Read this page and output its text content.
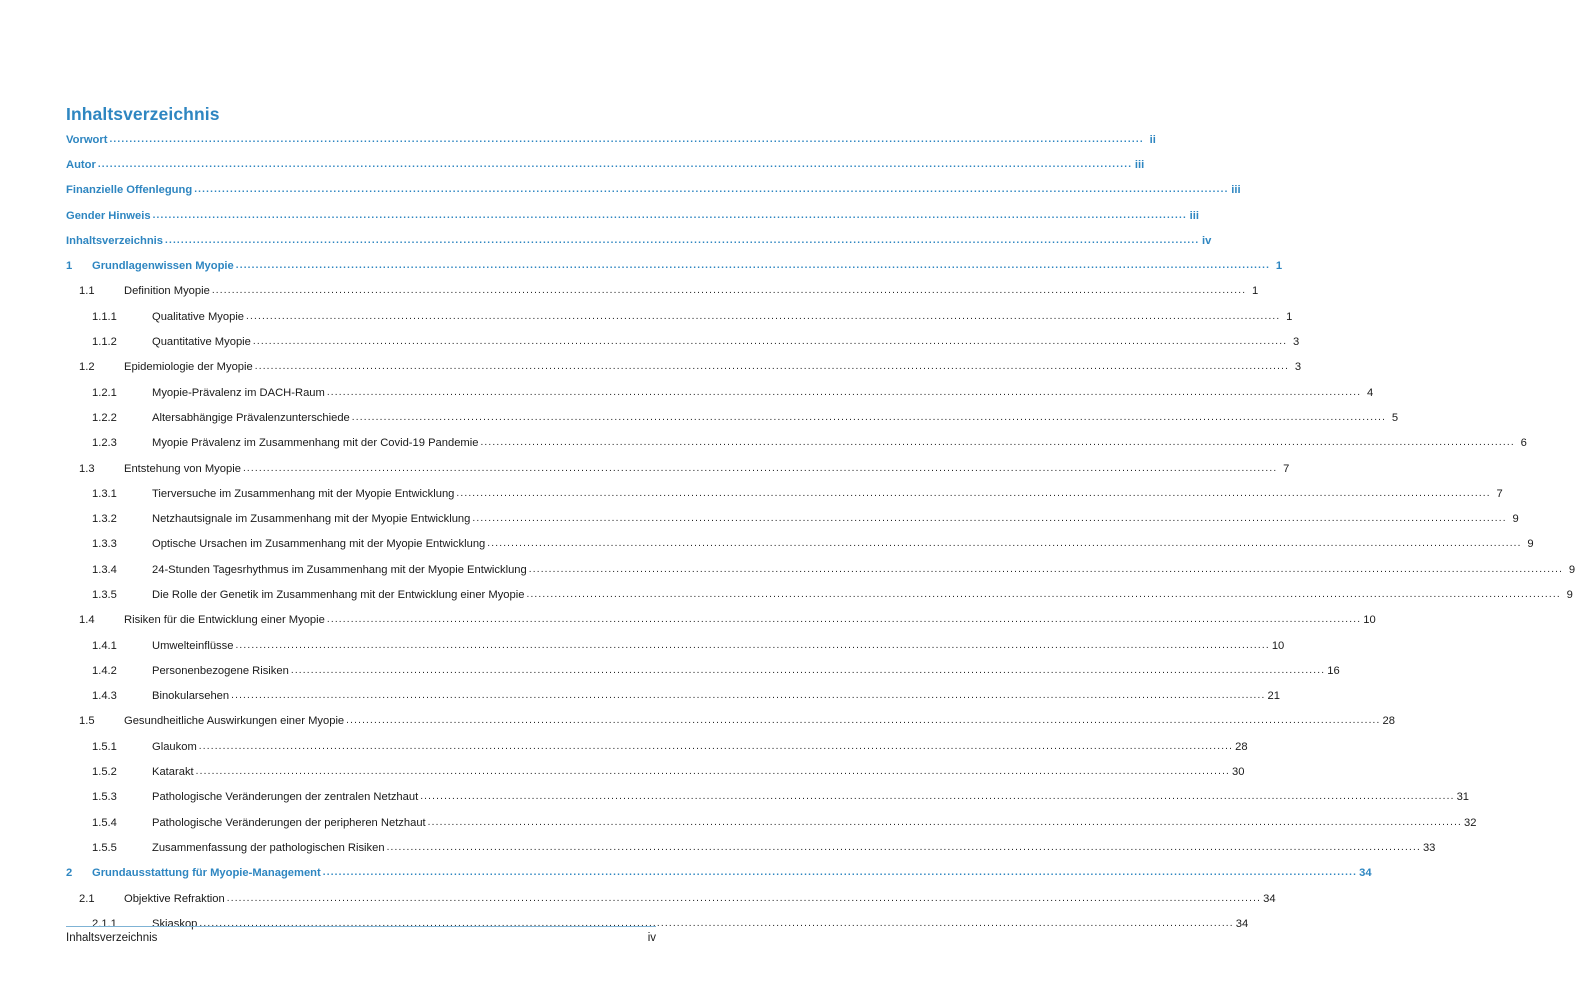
Inhaltsverzeichnis
Vorwort .................................................................................................................................................................................................................................................................... ii
Autor .................................................................................................................................................................................................................................................................... iii
Finanzielle Offenlegung .................................................................................................................................................................................................................................................................... iii
Gender Hinweis .................................................................................................................................................................................................................................................................... iii
Inhaltsverzeichnis .................................................................................................................................................................................................................................................................... iv
1	Grundlagenwissen Myopie .................................................................................................................................................................................................................................................................... 1
1.1	Definition Myopie .................................................................................................................................................................................................................................................................... 1
1.1.1	Qualitative Myopie .................................................................................................................................................................................................................................................................... 1
1.1.2	Quantitative Myopie .................................................................................................................................................................................................................................................................... 3
1.2	Epidemiologie der Myopie .................................................................................................................................................................................................................................................................... 3
1.2.1	Myopie-Prävalenz im DACH-Raum .................................................................................................................................................................................................................................................................... 4
1.2.2	Altersabhängige Prävalenzunterschiede .................................................................................................................................................................................................................................................................... 5
1.2.3	Myopie Prävalenz im Zusammenhang mit der Covid-19 Pandemie .................................................................................................................................................................................................................................................................... 6
1.3	Entstehung von Myopie .................................................................................................................................................................................................................................................................... 7
1.3.1	Tierversuche im Zusammenhang mit der Myopie Entwicklung .................................................................................................................................................................................................................................................................... 7
1.3.2	Netzhautsignale im Zusammenhang mit der Myopie Entwicklung .................................................................................................................................................................................................................................................................... 9
1.3.3	Optische Ursachen im Zusammenhang mit der Myopie Entwicklung .................................................................................................................................................................................................................................................................... 9
1.3.4	24-Stunden Tagesrhythmus im Zusammenhang mit der Myopie Entwicklung .................................................................................................................................................................................................................................................................... 9
1.3.5	Die Rolle der Genetik im Zusammenhang mit der Entwicklung einer Myopie .................................................................................................................................................................................................................................................................... 9
1.4	Risiken für die Entwicklung einer Myopie .................................................................................................................................................................................................................................................................... 10
1.4.1	Umwelteinflüsse .................................................................................................................................................................................................................................................................... 10
1.4.2	Personenbezogene Risiken .................................................................................................................................................................................................................................................................... 16
1.4.3	Binokularsehen .................................................................................................................................................................................................................................................................... 21
1.5	Gesundheitliche Auswirkungen einer Myopie .................................................................................................................................................................................................................................................................... 28
1.5.1	Glaukom .................................................................................................................................................................................................................................................................... 28
1.5.2	Katarakt .................................................................................................................................................................................................................................................................... 30
1.5.3	Pathologische Veränderungen der zentralen Netzhaut .................................................................................................................................................................................................................................................................... 31
1.5.4	Pathologische Veränderungen der peripheren Netzhaut .................................................................................................................................................................................................................................................................... 32
1.5.5	Zusammenfassung der pathologischen Risiken .................................................................................................................................................................................................................................................................... 33
2	Grundausstattung für Myopie-Management .................................................................................................................................................................................................................................................................... 34
2.1	Objektive Refraktion .................................................................................................................................................................................................................................................................... 34
2.1.1	Skiaskop .................................................................................................................................................................................................................................................................... 34
Inhaltsverzeichnis	iv
